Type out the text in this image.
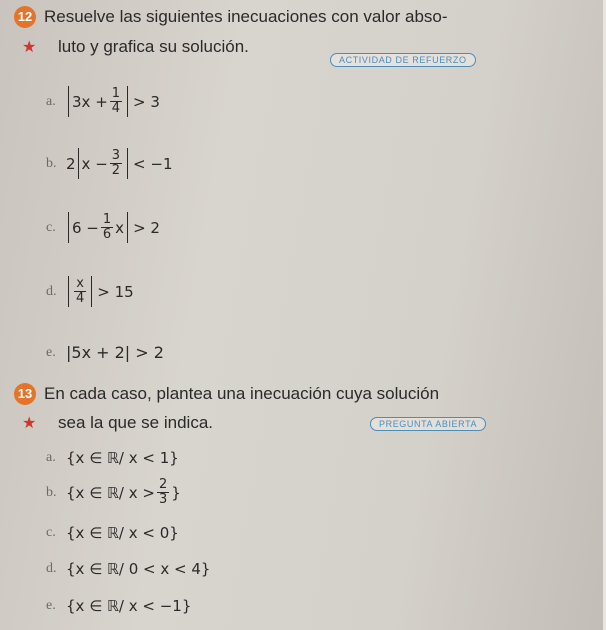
12 Resuelve las siguientes inecuaciones con valor abso-
★ luto y grafica su solución.
ACTIVIDAD DE REFUERZO
a.	$3x + \frac{1}{4} > 3$
b. 2 $x - \frac{3}{2} < -1$
c.	$6 - \frac{1}{6}$ x > 2
d.	$\frac{x}{4} > 15$
e. |5x + 2| > 2
13 En cada caso, plantea una inecuación cuya solución
★ sea la que se indica.	PREGUNTA ABIERTA
a. {x ∈ ℝ/ x < 1}
b. {x ∈ ℝ/ $x > \frac{2}{3}$ }
c. {x ∈ ℝ/ x < 0}
d. {x ∈ ℝ/ 0 < x < 4}
e. {x ∈ ℝ/ x < −1}
